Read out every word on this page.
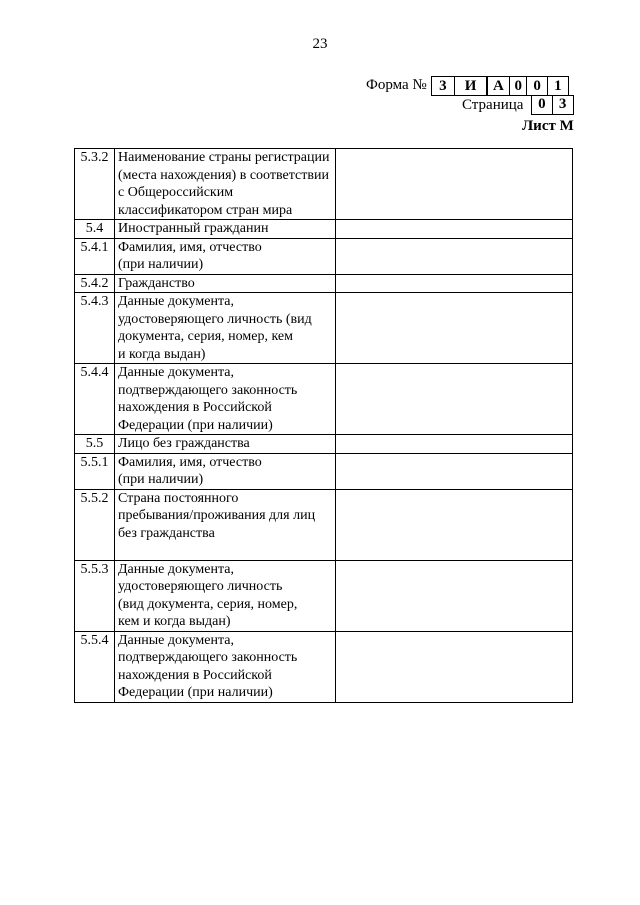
23
Форма № 3	И	А 0 0 1
Страница 0 3
Лист М
5.3.2	Наименование страны регистрации
(места нахождения) в соответствии
с Общероссийским
классификатором стран мира	

5.4	Иностранный гражданин	

5.4.1	Фамилия, имя, отчество
(при наличии)	

5.4.2	Гражданство	

5.4.3	Данные документа,
удостоверяющего личность (вид
документа, серия, номер, кем
и когда выдан)	

5.4.4	Данные документа,
подтверждающего законность
нахождения в Российской
Федерации (при наличии)	

5.5	Лицо без гражданства	

5.5.1	Фамилия, имя, отчество
(при наличии)	

5.5.2	Страна постоянного
пребывания/проживания для лиц
без гражданства	

5.5.3	Данные документа,
удостоверяющего личность
(вид документа, серия, номер,
кем и когда выдан)	

5.5.4	Данные документа,
подтверждающего законность
нахождения в Российской
Федерации (при наличии)	
